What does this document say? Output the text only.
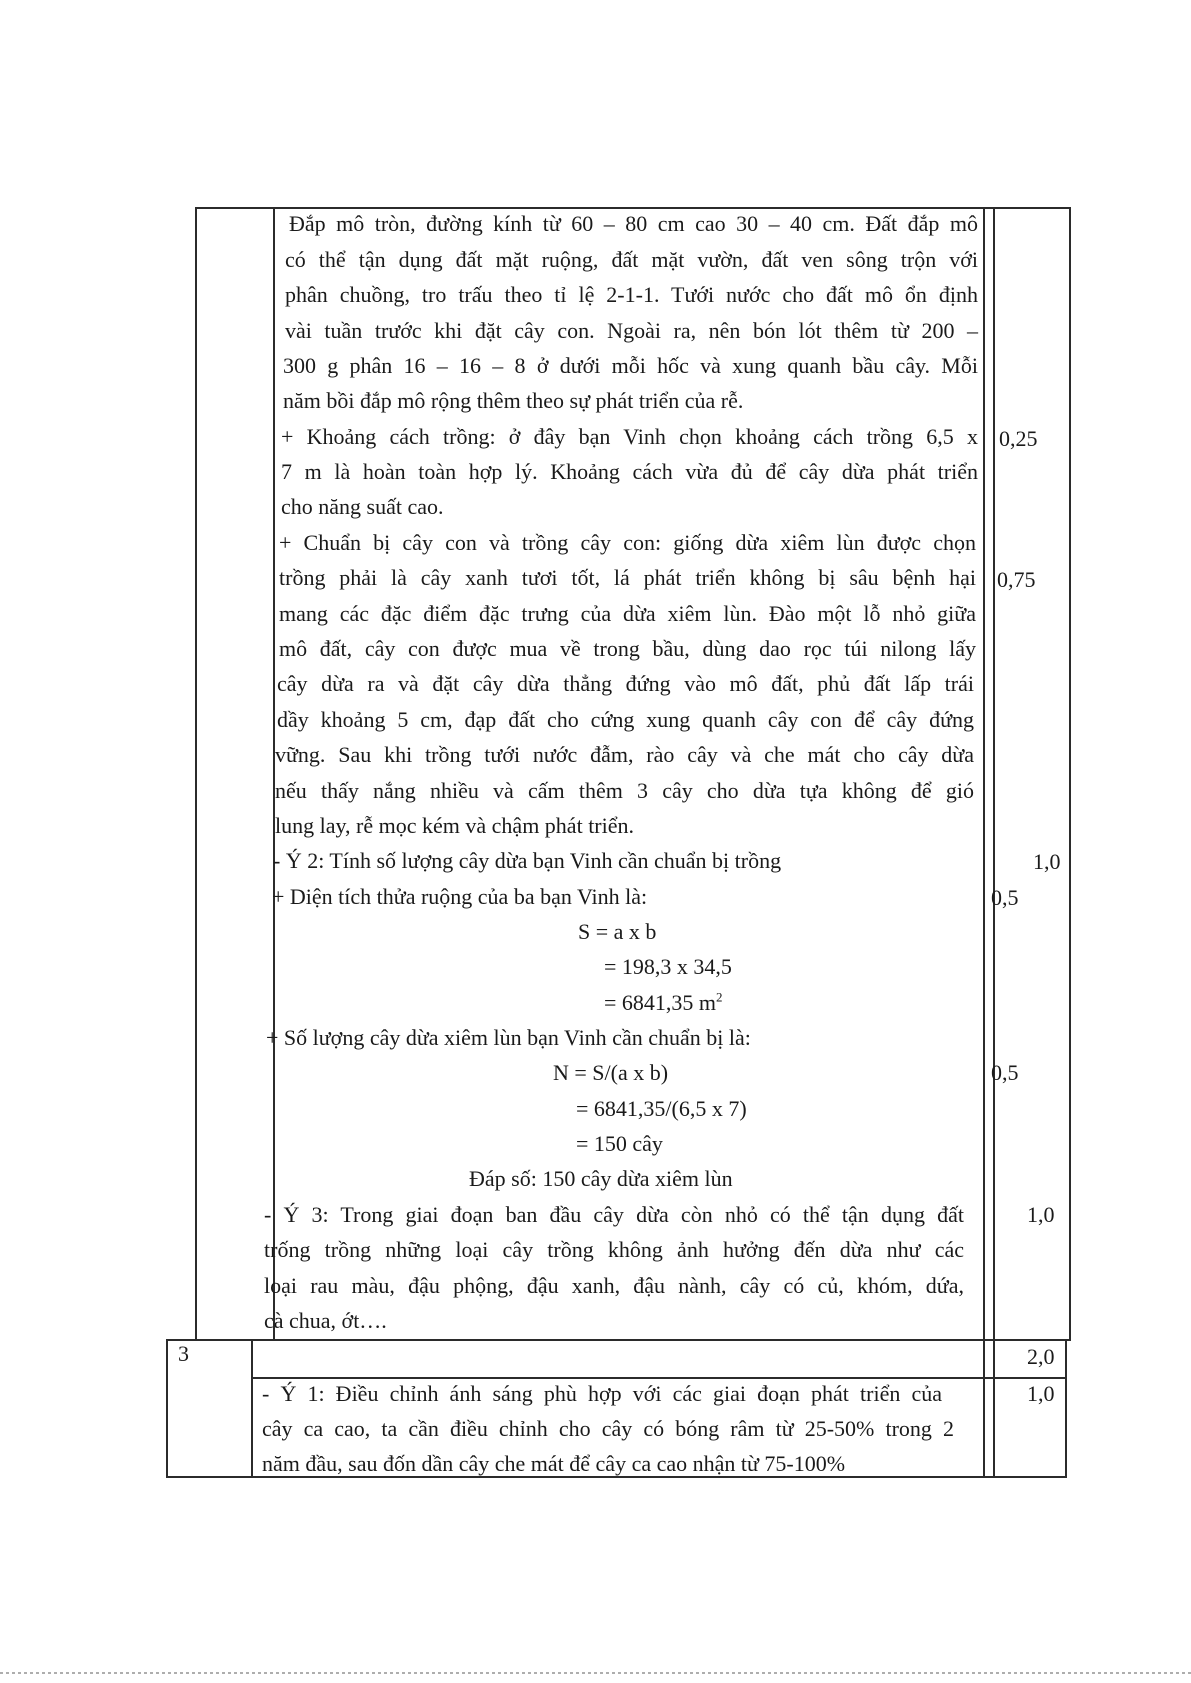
Đắp mô tròn, đường kính từ 60 – 80 cm cao 30 – 40 cm. Đất đắp mô
có thể tận dụng đất mặt ruộng, đất mặt vườn, đất ven sông trộn với
phân chuồng, tro trấu theo tỉ lệ 2-1-1. Tưới nước cho đất mô ổn định
vài tuần trước khi đặt cây con. Ngoài ra, nên bón lót thêm từ 200 –
300 g phân 16 – 16 – 8 ở dưới mỗi hốc và xung quanh bầu cây. Mỗi
năm bồi đắp mô rộng thêm theo sự phát triển của rễ.
+ Khoảng cách trồng: ở đây bạn Vinh chọn khoảng cách trồng 6,5 x
7 m là hoàn toàn hợp lý. Khoảng cách vừa đủ để cây dừa phát triển
cho năng suất cao.
+ Chuẩn bị cây con và trồng cây con: giống dừa xiêm lùn được chọn
trồng phải là cây xanh tươi tốt, lá phát triển không bị sâu bệnh hại
mang các đặc điểm đặc trưng của dừa xiêm lùn. Đào một lỗ nhỏ giữa
mô đất, cây con được mua về trong bầu, dùng dao rọc túi nilong lấy
cây dừa ra và đặt cây dừa thẳng đứng vào mô đất, phủ đất lấp trái
dầy khoảng 5 cm, đạp đất cho cứng xung quanh cây con để cây đứng
vững. Sau khi trồng tưới nước đẫm, rào cây và che mát cho cây dừa
nếu thấy nắng nhiều và cấm thêm 3 cây cho dừa tựa không để gió
lung lay, rễ mọc kém và chậm phát triển.
- Ý 2: Tính số lượng cây dừa bạn Vinh cần chuẩn bị trồng
+ Diện tích thửa ruộng của ba bạn Vinh là:
S = a x b
= 198,3 x 34,5
= 6841,35 $m^2$
+ Số lượng cây dừa xiêm lùn bạn Vinh cần chuẩn bị là:
N = S/(a x b)
= 6841,35/(6,5 x 7)
= 150 cây
Đáp số: 150 cây dừa xiêm lùn
- Ý 3: Trong giai đoạn ban đầu cây dừa còn nhỏ có thể tận dụng đất
trống trồng những loại cây trồng không ảnh hưởng đến dừa như các
loại rau màu, đậu phộng, đậu xanh, đậu nành, cây có củ, khóm, dứa,
cà chua, ớt….
0,25
0,75
1,0
0,5
0,5
1,0
2,0
1,0
3
- Ý 1: Điều chỉnh ánh sáng phù hợp với các giai đoạn phát triển của
cây ca cao, ta cần điều chỉnh cho cây có bóng râm từ 25-50% trong 2
năm đầu, sau đốn dần cây che mát để cây ca cao nhận từ 75-100%
